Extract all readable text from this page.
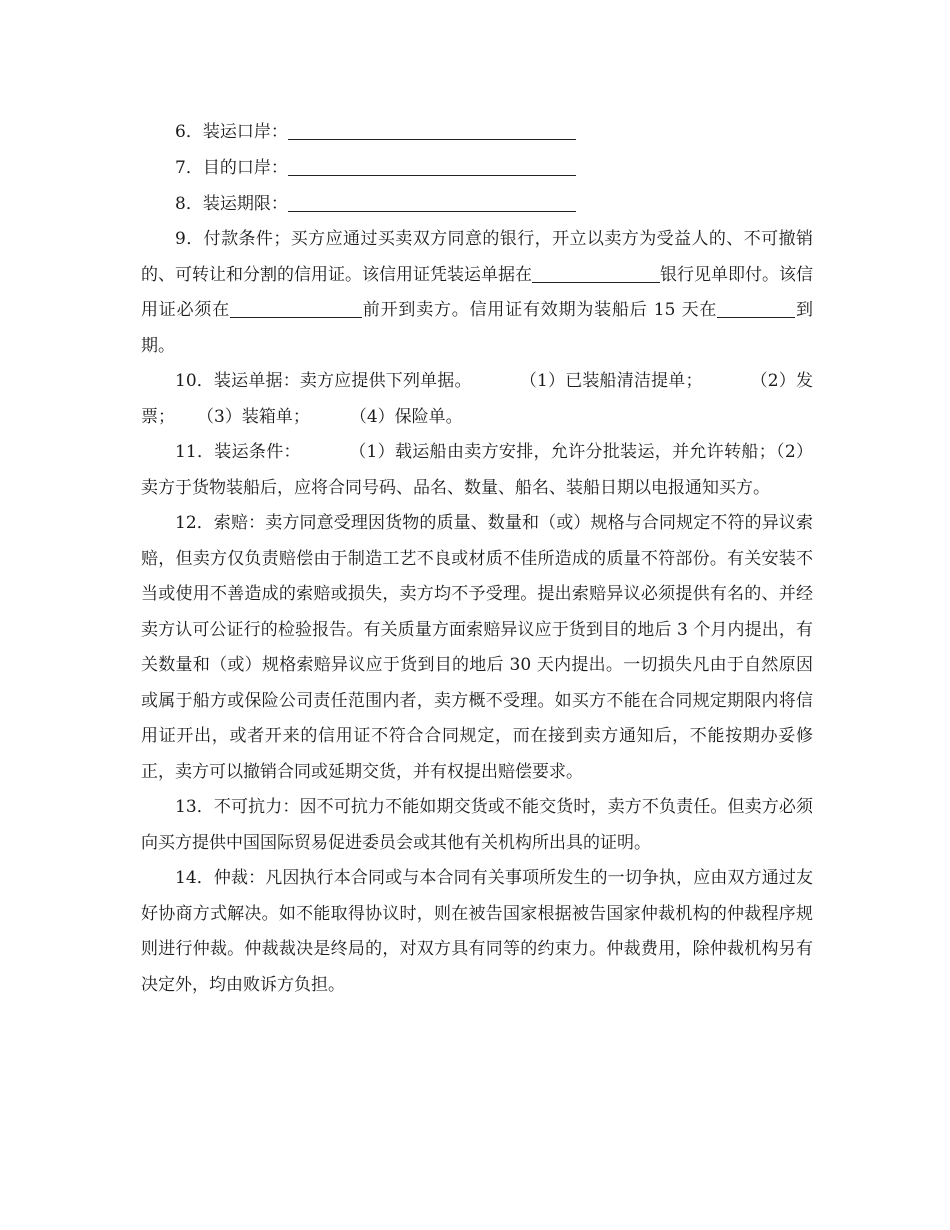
6．装运口岸：

7．目的口岸：

8．装运期限：

9．付款条件；买方应通过买卖双方同意的银行，开立以卖方为受益人的、不可撤销的、可转让和分割的信用证。该信用证凭装运单据在	银行见单即付。该信用证必须在	前开到卖方。信用证有效期为装船后 15 天在	到期。

10．装运单据：卖方应提供下列单据。	（1）已装船清洁提单；	（2）发票； （3）装箱单； （4）保险单。

11．装运条件：	（1）载运船由卖方安排，允许分批装运，并允许转船；（2）卖方于货物装船后，应将合同号码、品名、数量、船名、装船日期以电报通知买方。

12．索赔：卖方同意受理因货物的质量、数量和（或）规格与合同规定不符的异议索赔，但卖方仅负责赔偿由于制造工艺不良或材质不佳所造成的质量不符部份。有关安装不当或使用不善造成的索赔或损失，卖方均不予受理。提出索赔异议必须提供有名的、并经卖方认可公证行的检验报告。有关质量方面索赔异议应于货到目的地后 3 个月内提出，有关数量和（或）规格索赔异议应于货到目的地后 30 天内提出。一切损失凡由于自然原因或属于船方或保险公司责任范围内者，卖方概不受理。如买方不能在合同规定期限内将信用证开出，或者开来的信用证不符合合同规定，而在接到卖方通知后，不能按期办妥修正，卖方可以撤销合同或延期交货，并有权提出赔偿要求。

13．不可抗力：因不可抗力不能如期交货或不能交货时，卖方不负责任。但卖方必须向买方提供中国国际贸易促进委员会或其他有关机构所出具的证明。

14．仲裁：凡因执行本合同或与本合同有关事项所发生的一切争执，应由双方通过友好协商方式解决。如不能取得协议时，则在被告国家根据被告国家仲裁机构的仲裁程序规则进行仲裁。仲裁裁决是终局的，对双方具有同等的约束力。仲裁费用，除仲裁机构另有决定外，均由败诉方负担。
